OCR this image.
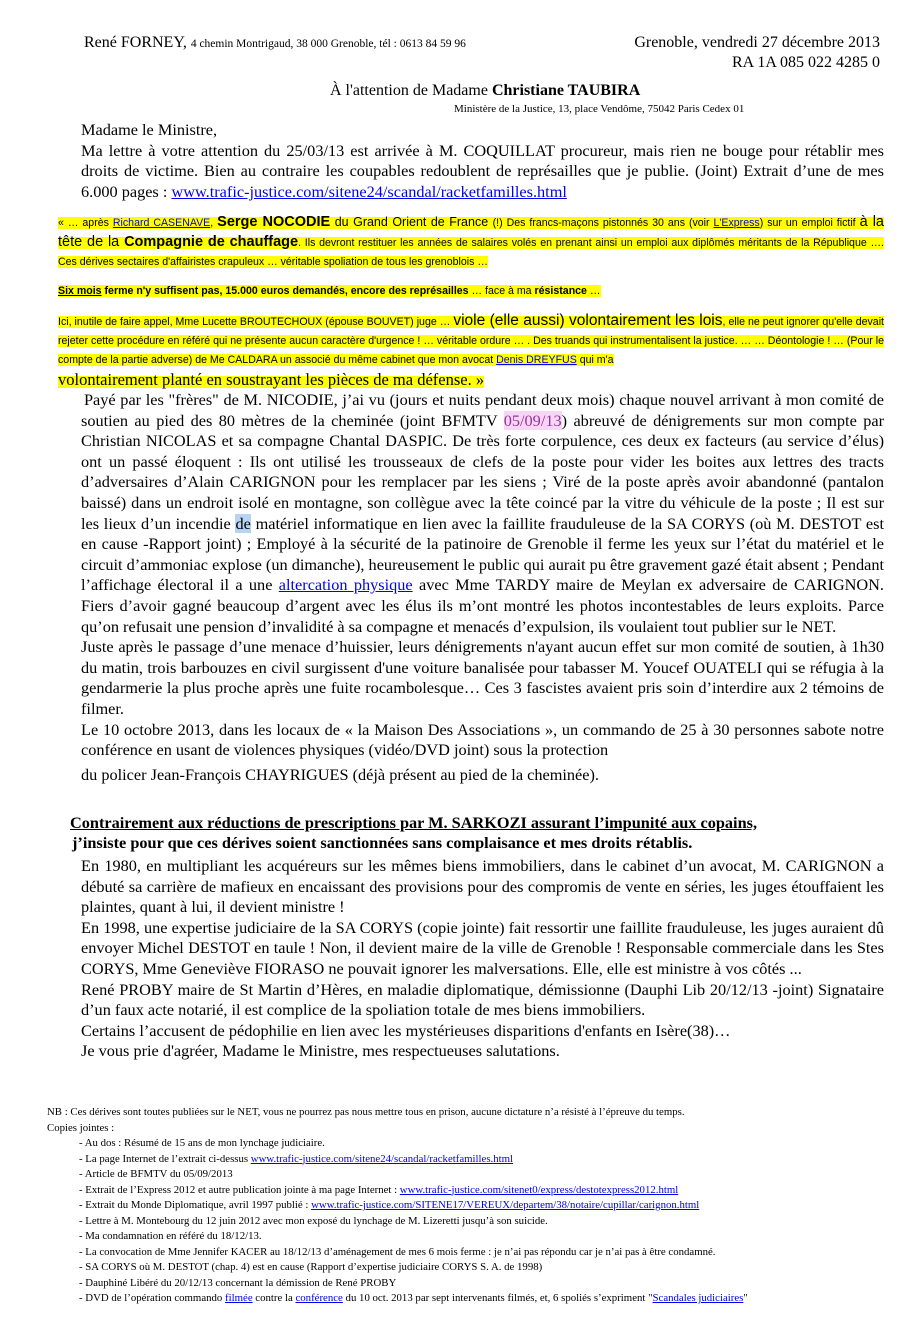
René FORNEY, 4 chemin Montrigaud, 38 000 Grenoble, tél : 0613 84 59 96	Grenoble, vendredi 27 décembre 2013
RA 1A 085 022 4285 0
À l'attention de Madame Christiane TAUBIRA
Ministère de la Justice, 13, place Vendôme, 75042 Paris Cedex 01

Madame le Ministre,

Ma lettre à votre attention du 25/03/13 est arrivée à M. COQUILLAT procureur, mais rien ne bouge pour rétablir mes droits de victime. Bien au contraire les coupables redoublent de représailles que je publie. (Joint) Extrait d’une de mes 6.000 pages : www.trafic-justice.com/sitene24/scandal/racketfamilles.html

« … après Richard CASENAVE, Serge NOCODIE du Grand Orient de France (!) Des francs-maçons pistonnés 30 ans (voir L'Express) sur un emploi fictif à la tête de la Compagnie de chauffage. Ils devront restituer les années de salaires volés en prenant ainsi un emploi aux diplômés méritants de la République …. Ces dérives sectaires d'affairistes crapuleux … véritable spoliation de tous les grenoblois …

Six mois ferme n'y suffisent pas, 15.000 euros demandés, encore des représailles … face à ma résistance …

Ici, inutile de faire appel, Mme Lucette BROUTECHOUX (épouse BOUVET) juge … viole (elle aussi) volontairement les lois, elle ne peut ignorer qu'elle devait rejeter cette procédure en référé qui ne présente aucun caractère d'urgence ! … véritable ordure … . Des truands qui instrumentalisent la justice. … … Déontologie ! … (Pour le compte de la partie adverse) de Me CALDARA un associé du même cabinet que mon avocat Denis DREYFUS qui m'a
volontairement planté en soustrayant les pièces de ma défense. »

Payé par les "frères" de M. NICODIE, j’ai vu (jours et nuits pendant deux mois) chaque nouvel arrivant à mon comité de soutien au pied des 80 mètres de la cheminée (joint BFMTV 05/09/13) abreuvé de dénigrements sur mon compte par Christian NICOLAS et sa compagne Chantal DASPIC. De très forte corpulence, ces deux ex facteurs (au service d’élus) ont un passé éloquent : Ils ont utilisé les trousseaux de clefs de la poste pour vider les boites aux lettres des tracts d’adversaires d’Alain CARIGNON pour les remplacer par les siens ; Viré de la poste après avoir abandonné (pantalon baissé) dans un endroit isolé en montagne, son collègue avec la tête coincé par la vitre du véhicule de la poste ; Il est sur les lieux d’un incendie de matériel informatique en lien avec la faillite frauduleuse de la SA CORYS (où M. DESTOT est en cause -Rapport joint) ; Employé à la sécurité de la patinoire de Grenoble il ferme les yeux sur l’état du matériel et le circuit d’ammoniac explose (un dimanche), heureusement le public qui aurait pu être gravement gazé était absent ; Pendant l’affichage électoral il a une altercation physique avec Mme TARDY maire de Meylan ex adversaire de CARIGNON. Fiers d’avoir gagné beaucoup d’argent avec les élus ils m’ont montré les photos incontestables de leurs exploits. Parce qu’on refusait une pension d’invalidité à sa compagne et menacés d’expulsion, ils voulaient tout publier sur le NET.

Juste après le passage d’une menace d’huissier, leurs dénigrements n'ayant aucun effet sur mon comité de soutien, à 1h30 du matin, trois barbouzes en civil surgissent d'une voiture banalisée pour tabasser M. Youcef OUATELI qui se réfugia à la gendarmerie la plus proche après une fuite rocambolesque… Ces 3 fascistes avaient pris soin d’interdire aux 2 témoins de filmer.

Le 10 octobre 2013, dans les locaux de « la Maison Des Associations », un commando de 25 à 30 personnes sabote notre conférence en usant de violences physiques (vidéo/DVD joint) sous la protection

du policer Jean-François CHAYRIGUES (déjà présent au pied de la cheminée).

Contrairement aux réductions de prescriptions par M. SARKOZI assurant l’impunité aux copains,

j’insiste pour que ces dérives soient sanctionnées sans complaisance et mes droits rétablis.

En 1980, en multipliant les acquéreurs sur les mêmes biens immobiliers, dans le cabinet d’un avocat, M. CARIGNON a débuté sa carrière de mafieux en encaissant des provisions pour des compromis de vente en séries, les juges étouffaient les plaintes, quant à lui, il devient ministre !

En 1998, une expertise judiciaire de la SA CORYS (copie jointe) fait ressortir une faillite frauduleuse, les juges auraient dû envoyer Michel DESTOT en taule ! Non, il devient maire de la ville de Grenoble ! Responsable commerciale dans les Stes CORYS, Mme Geneviève FIORASO ne pouvait ignorer les malversations. Elle, elle est ministre à vos côtés ...

René PROBY maire de St Martin d’Hères, en maladie diplomatique, démissionne (Dauphi Lib 20/12/13 -joint) Signataire d’un faux acte notarié, il est complice de la spoliation totale de mes biens immobiliers.

Certains l’accusent de pédophilie en lien avec les mystérieuses disparitions d'enfants en Isère(38)…

Je vous prie d'agréer, Madame le Ministre, mes respectueuses salutations.

NB : Ces dérives sont toutes publiées sur le NET, vous ne pourrez pas nous mettre tous en prison, aucune dictature n’a résisté à l’épreuve du temps.
Copies jointes :
- Au dos : Résumé de 15 ans de mon lynchage judiciaire.
- La page Internet de l’extrait ci-dessus www.trafic-justice.com/sitene24/scandal/racketfamilles.html
- Article de BFMTV du 05/09/2013
- Extrait de l’Express 2012 et autre publication jointe à ma page Internet : www.trafic-justice.com/sitenet0/express/destotexpress2012.html
- Extrait du Monde Diplomatique, avril 1997 publié : www.trafic-justice.com/SITENE17/VEREUX/departem/38/notaire/cupillar/carignon.html
- Lettre à M. Montebourg du 12 juin 2012 avec mon exposé du lynchage de M. Lizeretti jusqu’à son suicide.
- Ma condamnation en référé du 18/12/13.
- La convocation de Mme Jennifer KACER au 18/12/13 d’aménagement de mes 6 mois ferme : je n’ai pas répondu car je n’ai pas à être condamné.
- SA CORYS où M. DESTOT (chap. 4) est en cause (Rapport d’expertise judiciaire CORYS S. A. de 1998)
- Dauphiné Libéré du 20/12/13 concernant la démission de René PROBY
- DVD de l’opération commando filmée contre la conférence du 10 oct. 2013 par sept intervenants filmés, et, 6 spoliés s’expriment "Scandales judiciaires"
